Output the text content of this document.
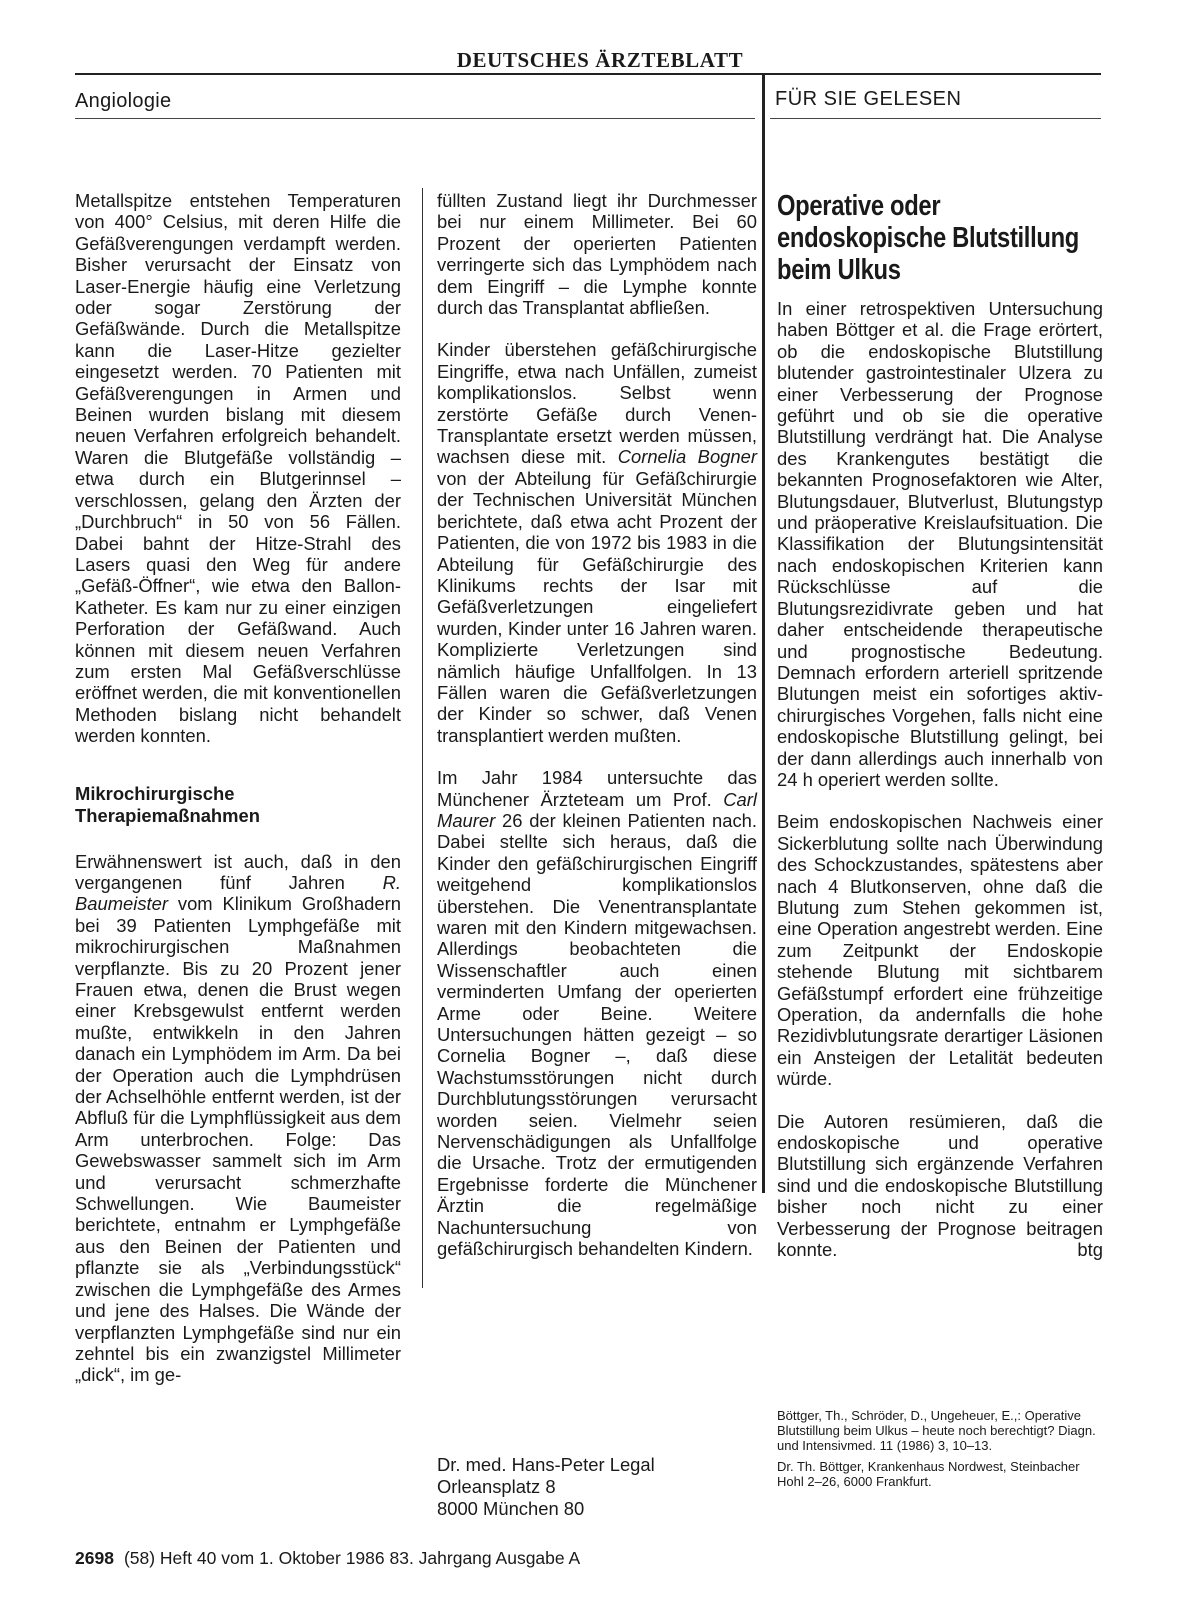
DEUTSCHES ÄRZTEBLATT
Angiologie	FÜR SIE GELESEN

Metallspitze entstehen Temperaturen von 400° Celsius, mit deren Hilfe die Gefäßverengungen verdampft werden. Bisher verursacht der Einsatz von Laser-Energie häufig eine Verletzung oder sogar Zerstörung der Gefäßwände. Durch die Metallspitze kann die Laser-Hitze gezielter eingesetzt werden. 70 Patienten mit Gefäßverengungen in Armen und Beinen wurden bislang mit diesem neuen Verfahren erfolgreich behandelt. Waren die Blutgefäße vollständig – etwa durch ein Blutgerinnsel – verschlossen, gelang den Ärzten der „Durchbruch“ in 50 von 56 Fällen. Dabei bahnt der Hitze-Strahl des Lasers quasi den Weg für andere „Gefäß-Öffner“, wie etwa den Ballon-Katheter. Es kam nur zu einer einzigen Perforation der Gefäßwand. Auch können mit diesem neuen Verfahren zum ersten Mal Gefäßverschlüsse eröffnet werden, die mit konventionellen Methoden bislang nicht behandelt werden konnten.

Mikrochirurgische
Therapiemaßnahmen

Erwähnenswert ist auch, daß in den vergangenen fünf Jahren R. Baumeister vom Klinikum Großhadern bei 39 Patienten Lymphgefäße mit mikrochirurgischen Maßnahmen verpflanzte. Bis zu 20 Prozent jener Frauen etwa, denen die Brust wegen einer Krebsgewulst entfernt werden mußte, entwikkeln in den Jahren danach ein Lymphödem im Arm. Da bei der Operation auch die Lymphdrüsen der Achselhöhle entfernt werden, ist der Abfluß für die Lymphflüssigkeit aus dem Arm unterbrochen. Folge: Das Gewebswasser sammelt sich im Arm und verursacht schmerzhafte Schwellungen. Wie Baumeister berichtete, entnahm er Lymphgefäße aus den Beinen der Patienten und pflanzte sie als „Verbindungsstück“ zwischen die Lymphgefäße des Armes und jene des Halses. Die Wände der verpflanzten Lymphgefäße sind nur ein zehntel bis ein zwanzigstel Millimeter „dick“, im ge-

füllten Zustand liegt ihr Durchmesser bei nur einem Millimeter. Bei 60 Prozent der operierten Patienten verringerte sich das Lymphödem nach dem Eingriff – die Lymphe konnte durch das Transplantat abfließen.

Kinder überstehen gefäßchirurgische Eingriffe, etwa nach Unfällen, zumeist komplikationslos. Selbst wenn zerstörte Gefäße durch Venen-Transplantate ersetzt werden müssen, wachsen diese mit. Cornelia Bogner von der Abteilung für Gefäßchirurgie der Technischen Universität München berichtete, daß etwa acht Prozent der Patienten, die von 1972 bis 1983 in die Abteilung für Gefäßchirurgie des Klinikums rechts der Isar mit Gefäßverletzungen eingeliefert wurden, Kinder unter 16 Jahren waren. Komplizierte Verletzungen sind nämlich häufige Unfallfolgen. In 13 Fällen waren die Gefäßverletzungen der Kinder so schwer, daß Venen transplantiert werden mußten.

Im Jahr 1984 untersuchte das Münchener Ärzteteam um Prof. Carl Maurer 26 der kleinen Patienten nach. Dabei stellte sich heraus, daß die Kinder den gefäßchirurgischen Eingriff weitgehend komplikationslos überstehen. Die Venentransplantate waren mit den Kindern mitgewachsen. Allerdings beobachteten die Wissenschaftler auch einen verminderten Umfang der operierten Arme oder Beine. Weitere Untersuchungen hätten gezeigt – so Cornelia Bogner –, daß diese Wachstumsstörungen nicht durch Durchblutungsstörungen verursacht worden seien. Vielmehr seien Nervenschädigungen als Unfallfolge die Ursache. Trotz der ermutigenden Ergebnisse forderte die Münchener Ärztin die regelmäßige Nachuntersuchung von gefäßchirurgisch behandelten Kindern.

Dr. med. Hans-Peter Legal
Orleansplatz 8
8000 München 80
Operative oder endoskopische Blutstillung beim Ulkus

In einer retrospektiven Untersuchung haben Böttger et al. die Frage erörtert, ob die endoskopische Blutstillung blutender gastrointestinaler Ulzera zu einer Verbesserung der Prognose geführt und ob sie die operative Blutstillung verdrängt hat. Die Analyse des Krankengutes bestätigt die bekannten Prognosefaktoren wie Alter, Blutungsdauer, Blutverlust, Blutungstyp und präoperative Kreislaufsituation. Die Klassifikation der Blutungsintensität nach endoskopischen Kriterien kann Rückschlüsse auf die Blutungsrezidivrate geben und hat daher entscheidende therapeutische und prognostische Bedeutung. Demnach erfordern arteriell spritzende Blutungen meist ein sofortiges aktiv-chirurgisches Vorgehen, falls nicht eine endoskopische Blutstillung gelingt, bei der dann allerdings auch innerhalb von 24 h operiert werden sollte.

Beim endoskopischen Nachweis einer Sickerblutung sollte nach Überwindung des Schockzustandes, spätestens aber nach 4 Blutkonserven, ohne daß die Blutung zum Stehen gekommen ist, eine Operation angestrebt werden. Eine zum Zeitpunkt der Endoskopie stehende Blutung mit sichtbarem Gefäßstumpf erfordert eine frühzeitige Operation, da andernfalls die hohe Rezidivblutungsrate derartiger Läsionen ein Ansteigen der Letalität bedeuten würde.

Die Autoren resümieren, daß die endoskopische und operative Blutstillung sich ergänzende Verfahren sind und die endoskopische Blutstillung bisher noch nicht zu einer Verbesserung der Prognose beitragen konnte.	btg

Böttger, Th., Schröder, D., Ungeheuer, E.,: Operative Blutstillung beim Ulkus – heute noch berechtigt? Diagn. und Intensivmed. 11 (1986) 3, 10–13.
Dr. Th. Böttger, Krankenhaus Nordwest, Steinbacher Hohl 2–26, 6000 Frankfurt.
2698 (58) Heft 40 vom 1. Oktober 1986 83. Jahrgang Ausgabe A
